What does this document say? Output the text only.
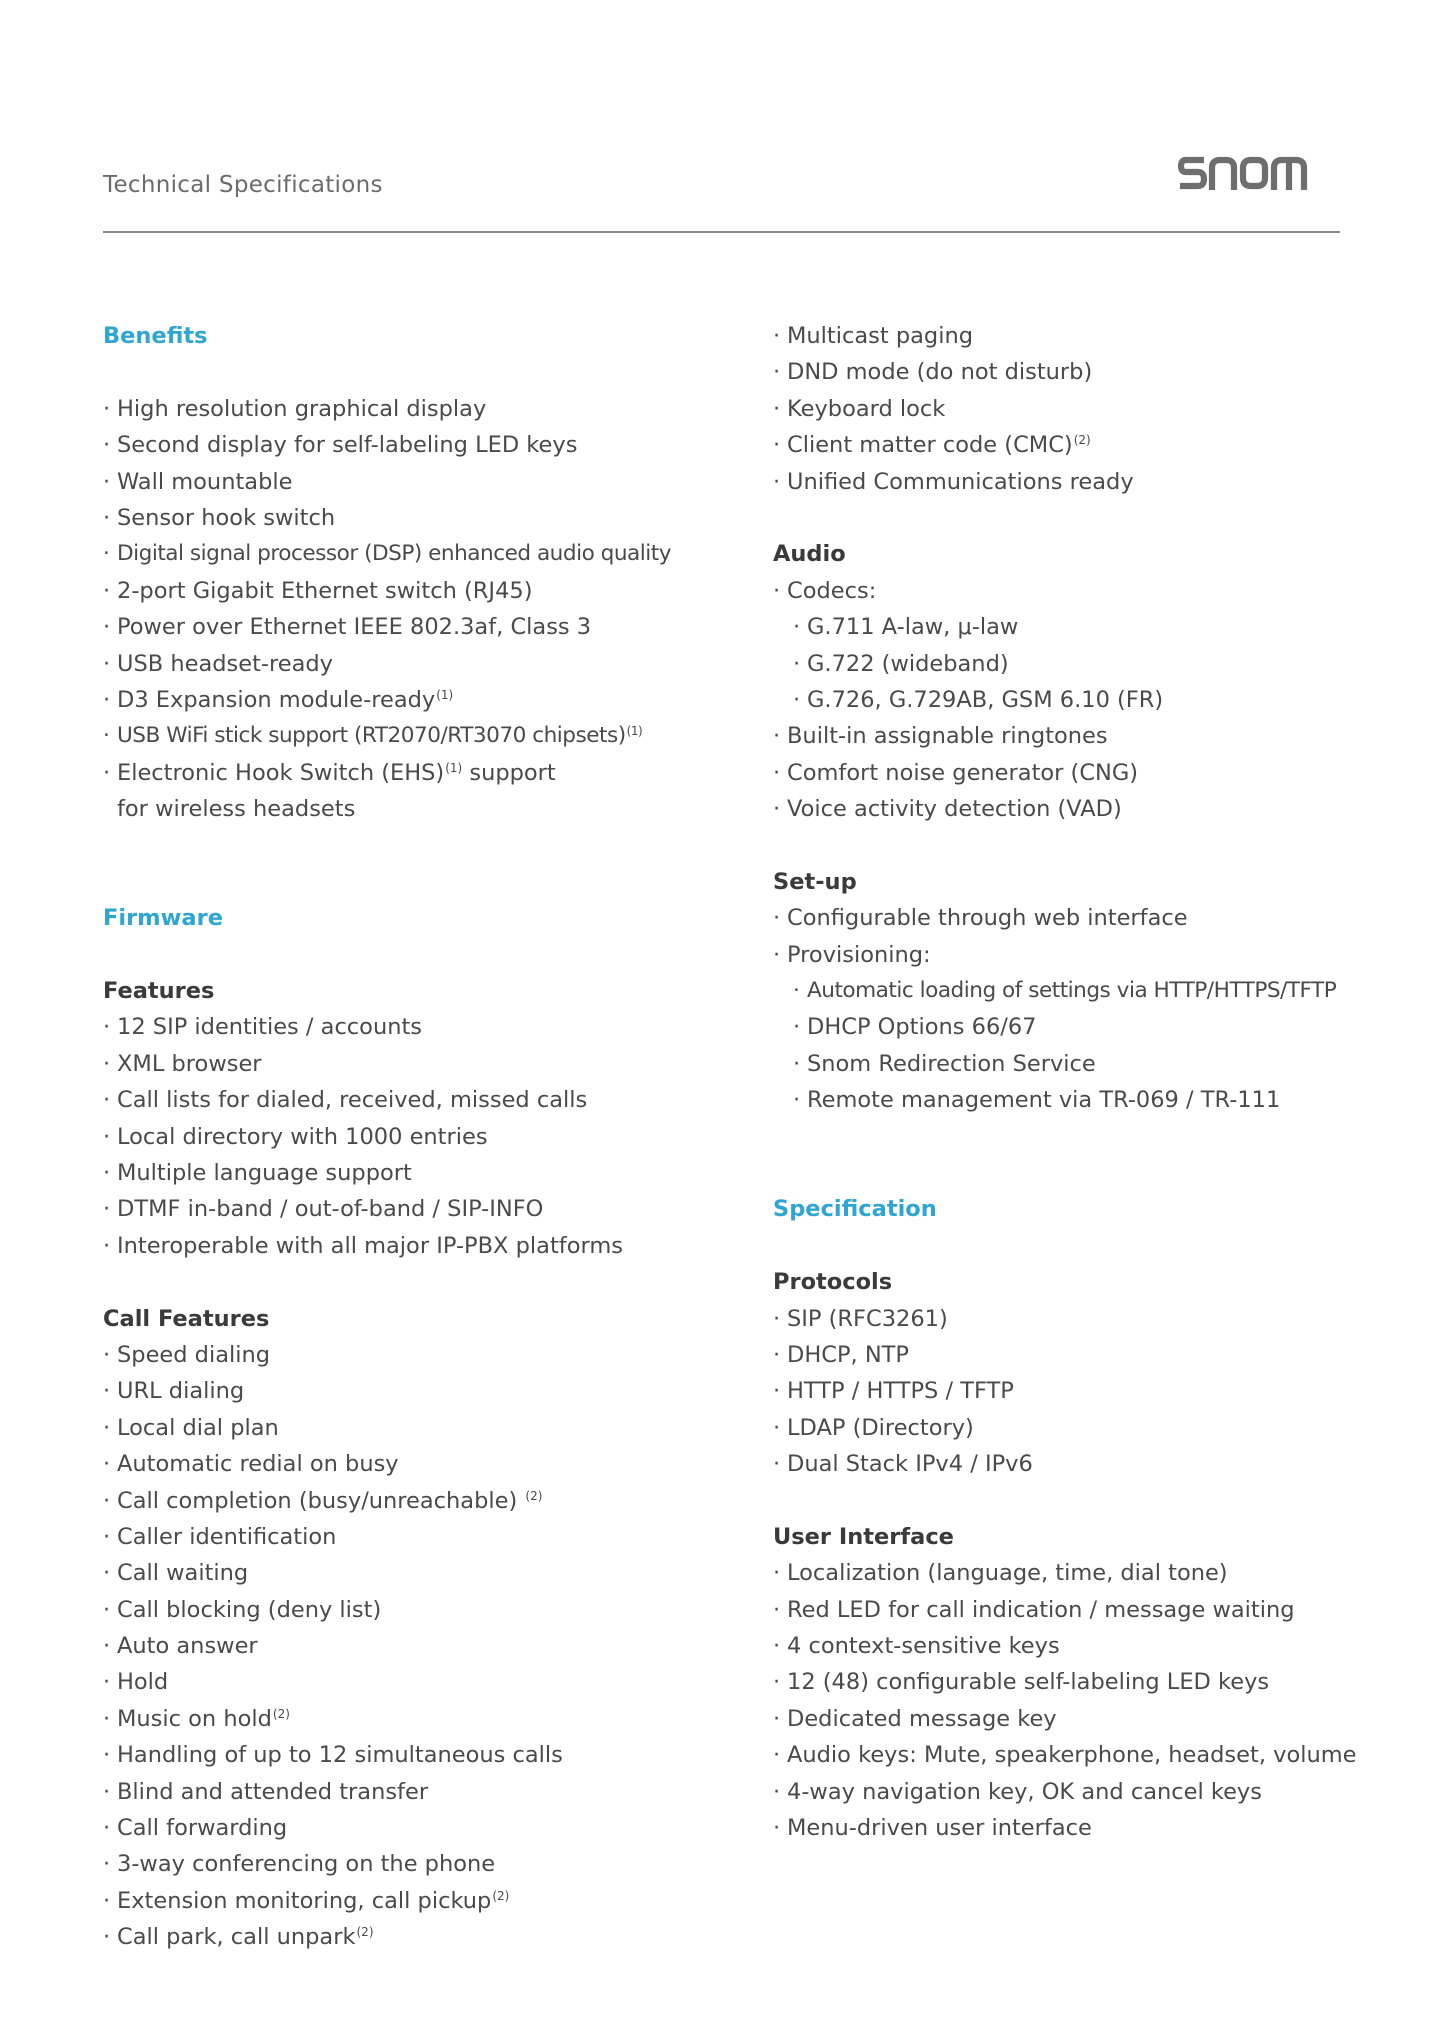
Technical Specifications
Benefits
· High resolution graphical display
· Second display for self-labeling LED keys
· Wall mountable
· Sensor hook switch
· Digital signal processor (DSP) enhanced audio quality
· 2-port Gigabit Ethernet switch (RJ45)
· Power over Ethernet IEEE 802.3af, Class 3
· USB headset-ready
· D3 Expansion module-ready$^{(1)}$
· USB WiFi stick support (RT2070/RT3070 chipsets)$^{(1)}$
· Electronic Hook Switch (EHS)$^{(1)}$ support
for wireless headsets
Firmware
Features
· 12 SIP identities / accounts
· XML browser
· Call lists for dialed, received, missed calls
· Local directory with 1000 entries
· Multiple language support
· DTMF in-band / out-of-band / SIP-INFO
· Interoperable with all major IP-PBX platforms
Call Features
· Speed dialing
· URL dialing
· Local dial plan
· Automatic redial on busy
· Call completion (busy/unreachable) $^{(2)}$
· Caller identification
· Call waiting
· Call blocking (deny list)
· Auto answer
· Hold
· Music on hold$^{(2)}$
· Handling of up to 12 simultaneous calls
· Blind and attended transfer
· Call forwarding
· 3-way conferencing on the phone
· Extension monitoring, call pickup$^{(2)}$
· Call park, call unpark$^{(2)}$
· Multicast paging
· DND mode (do not disturb)
· Keyboard lock
· Client matter code (CMC)$^{(2)}$
· Unified Communications ready
Audio
· Codecs:
· G.711 A-law, μ-law
· G.722 (wideband)
· G.726, G.729AB, GSM 6.10 (FR)
· Built-in assignable ringtones
· Comfort noise generator (CNG)
· Voice activity detection (VAD)
Set-up
· Configurable through web interface
· Provisioning:
· Automatic loading of settings via HTTP/HTTPS/TFTP
· DHCP Options 66/67
· Snom Redirection Service
· Remote management via TR-069 / TR-111
Specification
Protocols
· SIP (RFC3261)
· DHCP, NTP
· HTTP / HTTPS / TFTP
· LDAP (Directory)
· Dual Stack IPv4 / IPv6
User Interface
· Localization (language, time, dial tone)
· Red LED for call indication / message waiting
· 4 context-sensitive keys
· 12 (48) configurable self-labeling LED keys
· Dedicated message key
· Audio keys: Mute, speakerphone, headset, volume
· 4-way navigation key, OK and cancel keys
· Menu-driven user interface
